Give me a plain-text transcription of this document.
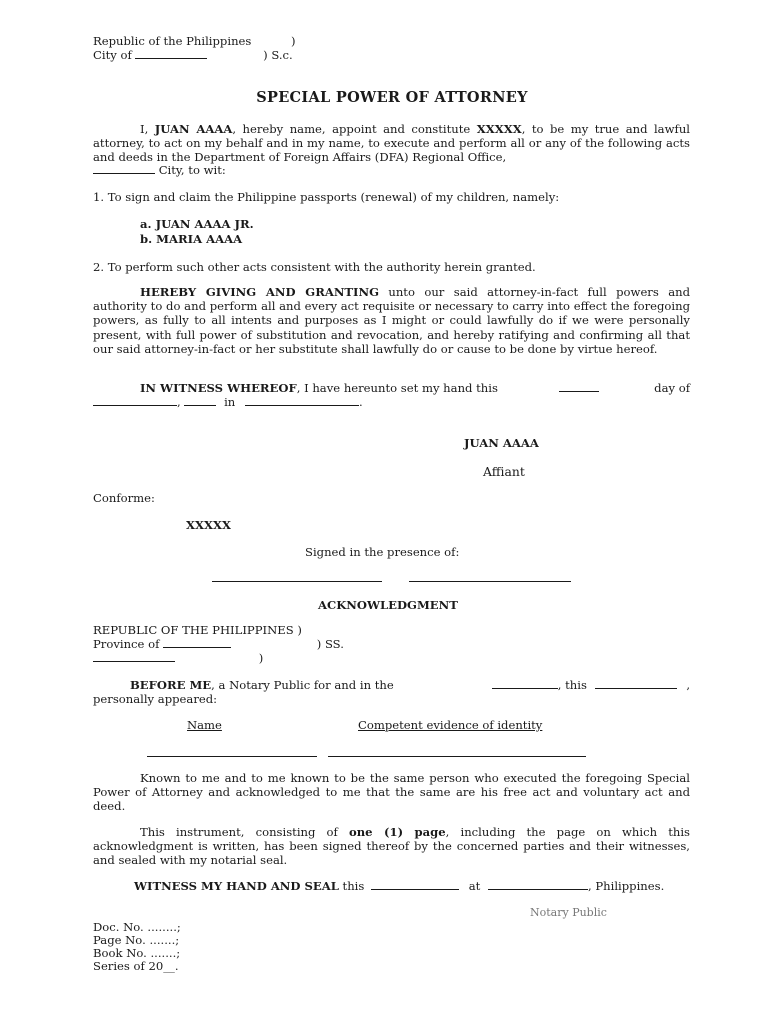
Republic of the Philippines	)
City of	) S.c.
SPECIAL POWER OF ATTORNEY
I, JUAN AAAA, hereby name, appoint and constitute XXXXX, to be my true and lawful attorney, to act on my behalf and in my name, to execute and perform all or any of the following acts and deeds in the Department of Foreign Affairs (DFA) Regional Office,
City, to wit:
1. To sign and claim the Philippine passports (renewal) of my children, namely:
a. JUAN AAAA JR.
b. MARIA AAAA
2. To perform such other acts consistent with the authority herein granted.
HEREBY GIVING AND GRANTING unto our said attorney-in-fact full powers and authority to do and perform all and every act requisite or necessary to carry into effect the foregoing powers, as fully to all intents and purposes as I might or could lawfully do if we were personally present, with full power of substitution and revocation, and hereby ratifying and confirming all that our said attorney-in-fact or her substitute shall lawfully do or cause to be done by virtue hereof.
IN WITNESS WHEREOF, I have hereunto set my hand this	day of
,	in	.
JUAN AAAA
Affiant
Conforme:
XXXXX
Signed in the presence of:
ACKNOWLEDGMENT
REPUBLIC OF THE PHILIPPINES )
Province of	) SS.
)
BEFORE ME, a Notary Public for and in the	, this	,
personally appeared:
Name	Competent evidence of identity
Known to me and to me known to be the same person who executed the foregoing Special Power of Attorney and acknowledged to me that the same are his free act and voluntary act and deed.
This instrument, consisting of one (1) page, including the page on which this acknowledgment is written, has been signed thereof by the concerned parties and their witnesses, and sealed with my notarial seal.
WITNESS MY HAND AND SEAL this	at	, Philippines.
Notary Public
Doc. No. ........;
Page No. .......;
Book No. .......;
Series of 20__.
